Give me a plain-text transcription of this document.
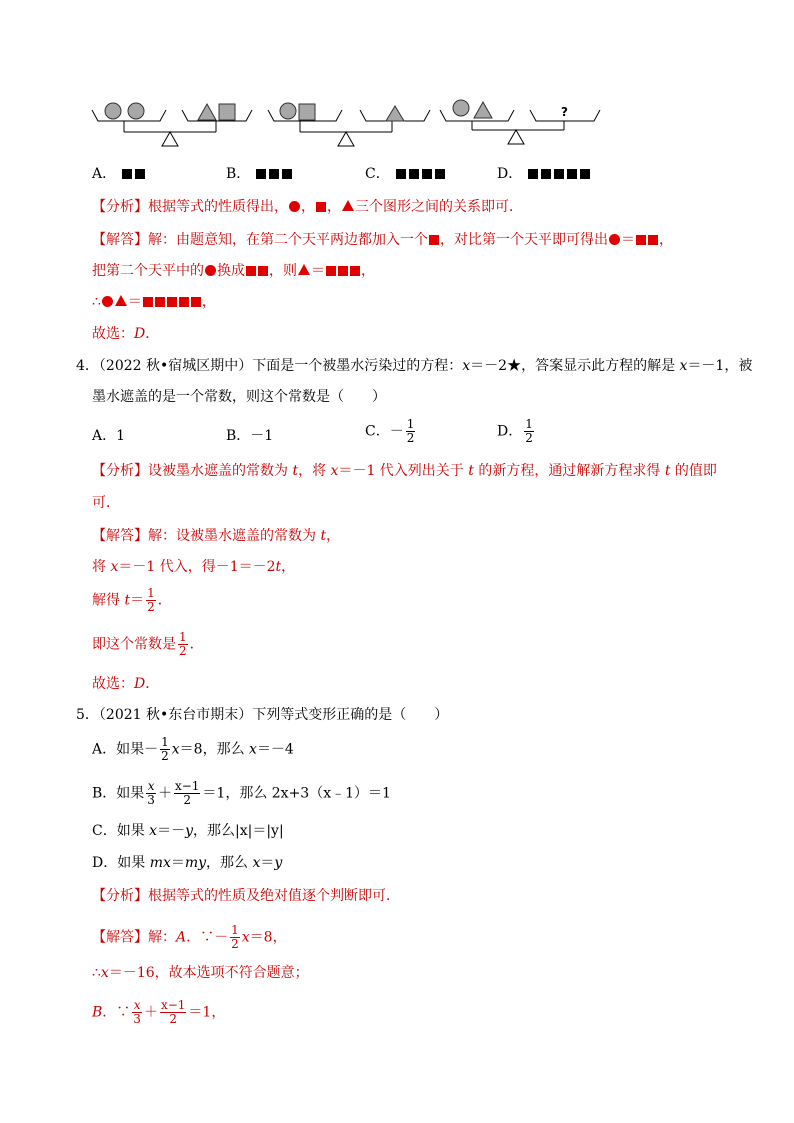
?
A．	B．	C．	D．
【分析】根据等式的性质得出， ， ， 三个图形之间的关系即可．
【解答】解：由题意知，在第二个天平两边都加入一个 ，对比第一个天平即可得出 ＝ ，
把第二个天平中的 换成 ，则 ＝	，
∴ ＝	，
故选：D．
4．（2022 秋•宿城区期中）下面是一个被墨水污染过的方程：x＝－2★，答案显示此方程的解是 x＝－1，被
墨水遮盖的是一个常数，则这个常数是（　　）
A．1	B．－1	C．－ $\frac{1}{2}$	D． $\frac{1}{2}$
【分析】设被墨水遮盖的常数为 t，将 x＝－1 代入列出关于 t 的新方程，通过解新方程求得 t 的值即
可．
【解答】解：设被墨水遮盖的常数为 t，
将 x＝－1 代入，得－1＝－2t，
解得 $t= \frac{1}{2}$ ．
即这个常数是 $\frac{1}{2}$ ．
故选：D．
5．（2021 秋•东台市期末）下列等式变形正确的是（　　）
A．如果－ $\frac{1}{2} x=8$，那么 x＝－4
B．如果 $\frac{x}{3} + \frac{x-1}{2} =1$，那么 2x+3（x﹣1）＝1
C．如果 x＝－y，那么|x|＝|y|
D．如果 mx＝my，那么 x＝y
【分析】根据等式的性质及绝对值逐个判断即可．
【解答】解：A．∵－ $\frac{1}{2} x=8$，
∴x＝－16，故本选项不符合题意；
B．∵ $\frac{x}{3} + \frac{x-1}{2} =1$，
